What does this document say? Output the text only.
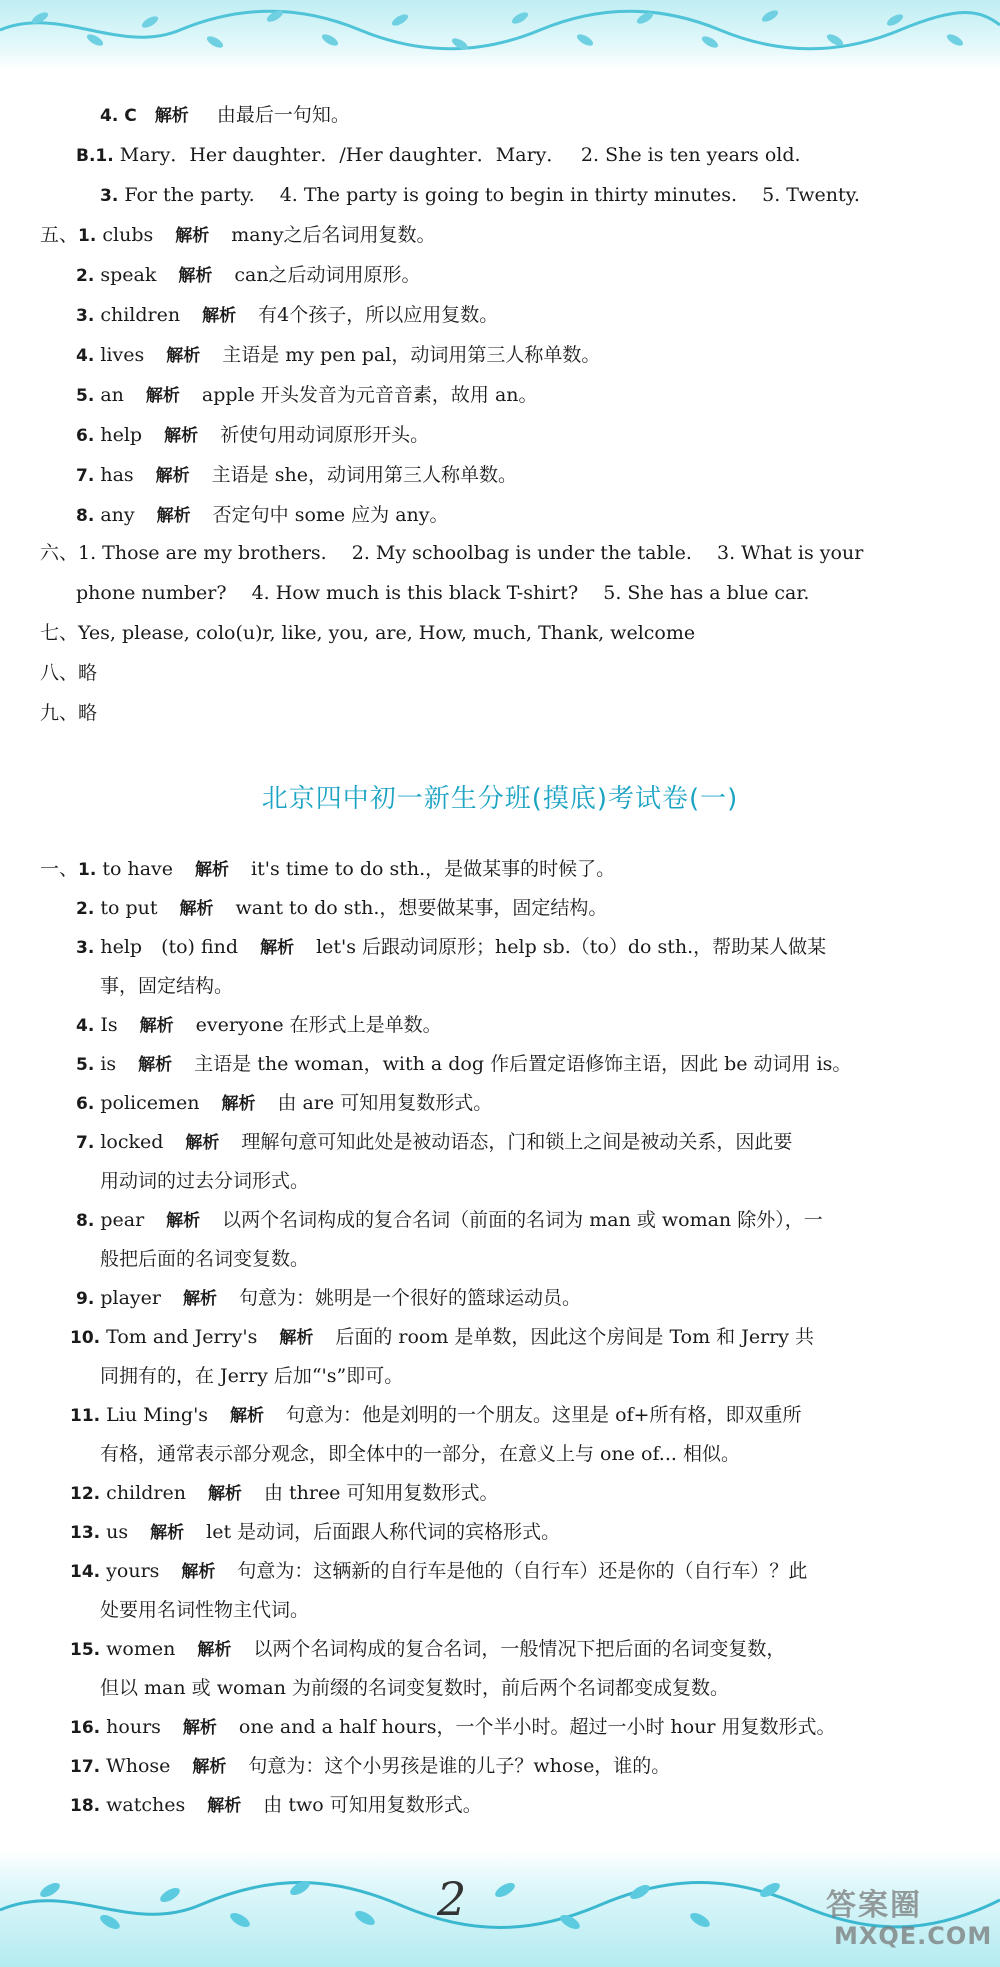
4. C 解析 由最后一句知。
B.1. Mary．Her daughter．/Her daughter．Mary．　 2. She is ten years old.
3. For the party.　 4. The party is going to begin in thirty minutes.　 5. Twenty.
五、1. clubs 解析 many之后名词用复数。
2. speak 解析 can之后动词用原形。
3. children 解析 有4个孩子，所以应用复数。
4. lives 解析 主语是 my pen pal，动词用第三人称单数。
5. an 解析 apple 开头发音为元音音素，故用 an。
6. help 解析 祈使句用动词原形开头。
7. has 解析 主语是 she，动词用第三人称单数。
8. any 解析 否定句中 some 应为 any。
六、1. Those are my brothers.　 2. My schoolbag is under the table.　 3. What is your
phone number?　 4. How much is this black T-shirt?　 5. She has a blue car.
七、Yes, please, colo(u)r, like, you, are, How, much, Thank, welcome
八、略
九、略
北京四中初一新生分班(摸底)考试卷(一)
一、1. to have 解析 it's time to do sth.，是做某事的时候了。
2. to put 解析 want to do sth.，想要做某事，固定结构。
3. help　(to) find 解析 let's 后跟动词原形；help sb.（to）do sth.，帮助某人做某
事，固定结构。
4. Is 解析 everyone 在形式上是单数。
5. is 解析 主语是 the woman，with a dog 作后置定语修饰主语，因此 be 动词用 is。
6. policemen 解析 由 are 可知用复数形式。
7. locked 解析 理解句意可知此处是被动语态，门和锁上之间是被动关系，因此要
用动词的过去分词形式。
8. pear 解析 以两个名词构成的复合名词（前面的名词为 man 或 woman 除外），一
般把后面的名词变复数。
9. player 解析 句意为：姚明是一个很好的篮球运动员。
10. Tom and Jerry's 解析 后面的 room 是单数，因此这个房间是 Tom 和 Jerry 共
同拥有的，在 Jerry 后加“'s”即可。
11. Liu Ming's 解析 句意为：他是刘明的一个朋友。这里是 of+所有格，即双重所
有格，通常表示部分观念，即全体中的一部分，在意义上与 one of... 相似。
12. children 解析 由 three 可知用复数形式。
13. us 解析 let 是动词，后面跟人称代词的宾格形式。
14. yours 解析 句意为：这辆新的自行车是他的（自行车）还是你的（自行车）？此
处要用名词性物主代词。
15. women 解析 以两个名词构成的复合名词，一般情况下把后面的名词变复数，
但以 man 或 woman 为前缀的名词变复数时，前后两个名词都变成复数。
16. hours 解析 one and a half hours，一个半小时。超过一小时 hour 用复数形式。
17. Whose 解析 句意为：这个小男孩是谁的儿子？whose，谁的。
18. watches 解析 由 two 可知用复数形式。
2	答案圈
MXQE.COM
